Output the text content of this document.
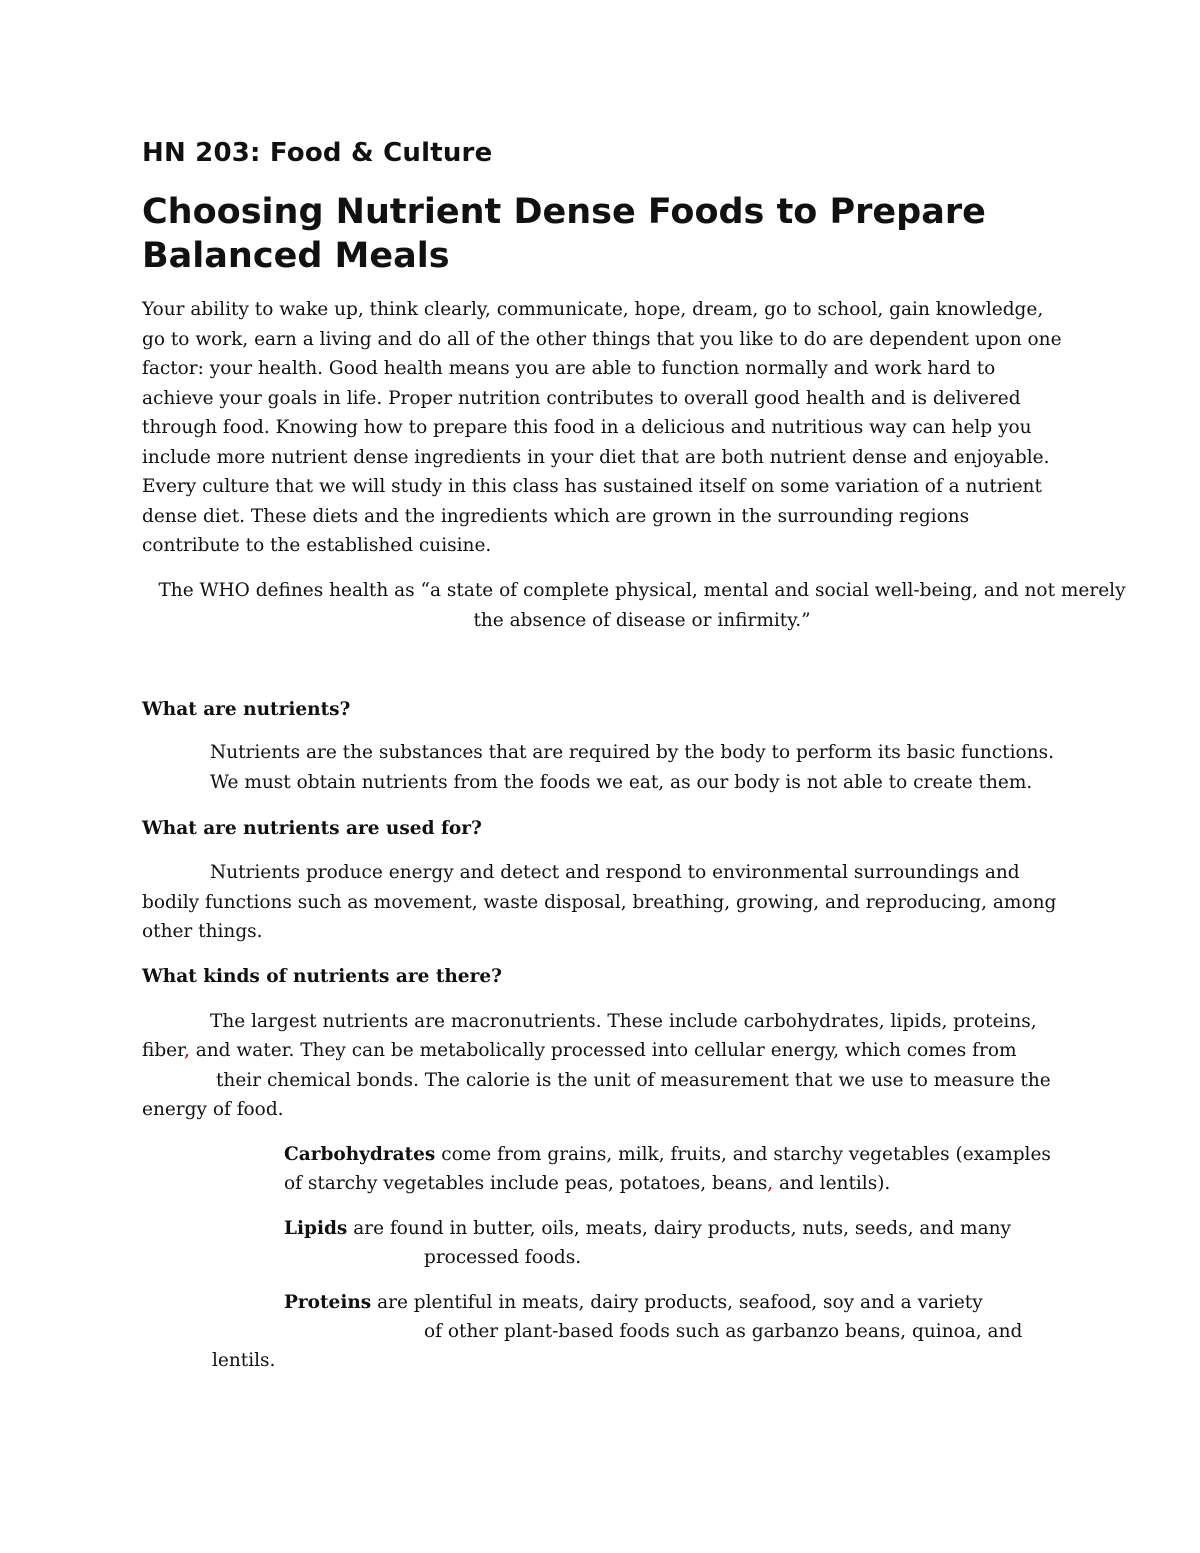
HN 203: Food & Culture
Choosing Nutrient Dense Foods to Prepare Balanced Meals

Your ability to wake up, think clearly, communicate, hope, dream, go to school, gain knowledge, go to work, earn a living and do all of the other things that you like to do are dependent upon one factor: your health. Good health means you are able to function normally and work hard to achieve your goals in life. Proper nutrition contributes to overall good health and is delivered through food. Knowing how to prepare this food in a delicious and nutritious way can help you include more nutrient dense ingredients in your diet that are both nutrient dense and enjoyable. Every culture that we will study in this class has sustained itself on some variation of a nutrient dense diet. These diets and the ingredients which are grown in the surrounding regions contribute to the established cuisine.

The WHO defines health as “a state of complete physical, mental and social well-being, and not merely the absence of disease or infirmity.”

What are nutrients?

Nutrients are the substances that are required by the body to perform its basic functions. We must obtain nutrients from the foods we eat, as our body is not able to create them.

What are nutrients are used for?

Nutrients produce energy and detect and respond to environmental surroundings and bodily functions such as movement, waste disposal, breathing, growing, and reproducing, among other things.

What kinds of nutrients are there?

The largest nutrients are macronutrients. These include carbohydrates, lipids, proteins,

fiber, and water. They can be metabolically processed into cellular energy, which comes from

their chemical bonds. The calorie is the unit of measurement that we use to measure the

energy of food.

Carbohydrates come from grains, milk, fruits, and starchy vegetables (examples

of starchy vegetables include peas, potatoes, beans, and lentils).

Lipids are found in butter, oils, meats, dairy products, nuts, seeds, and many

processed foods.

Proteins are plentiful in meats, dairy products, seafood, soy and a variety

of other plant-based foods such as garbanzo beans, quinoa, and

lentils.
